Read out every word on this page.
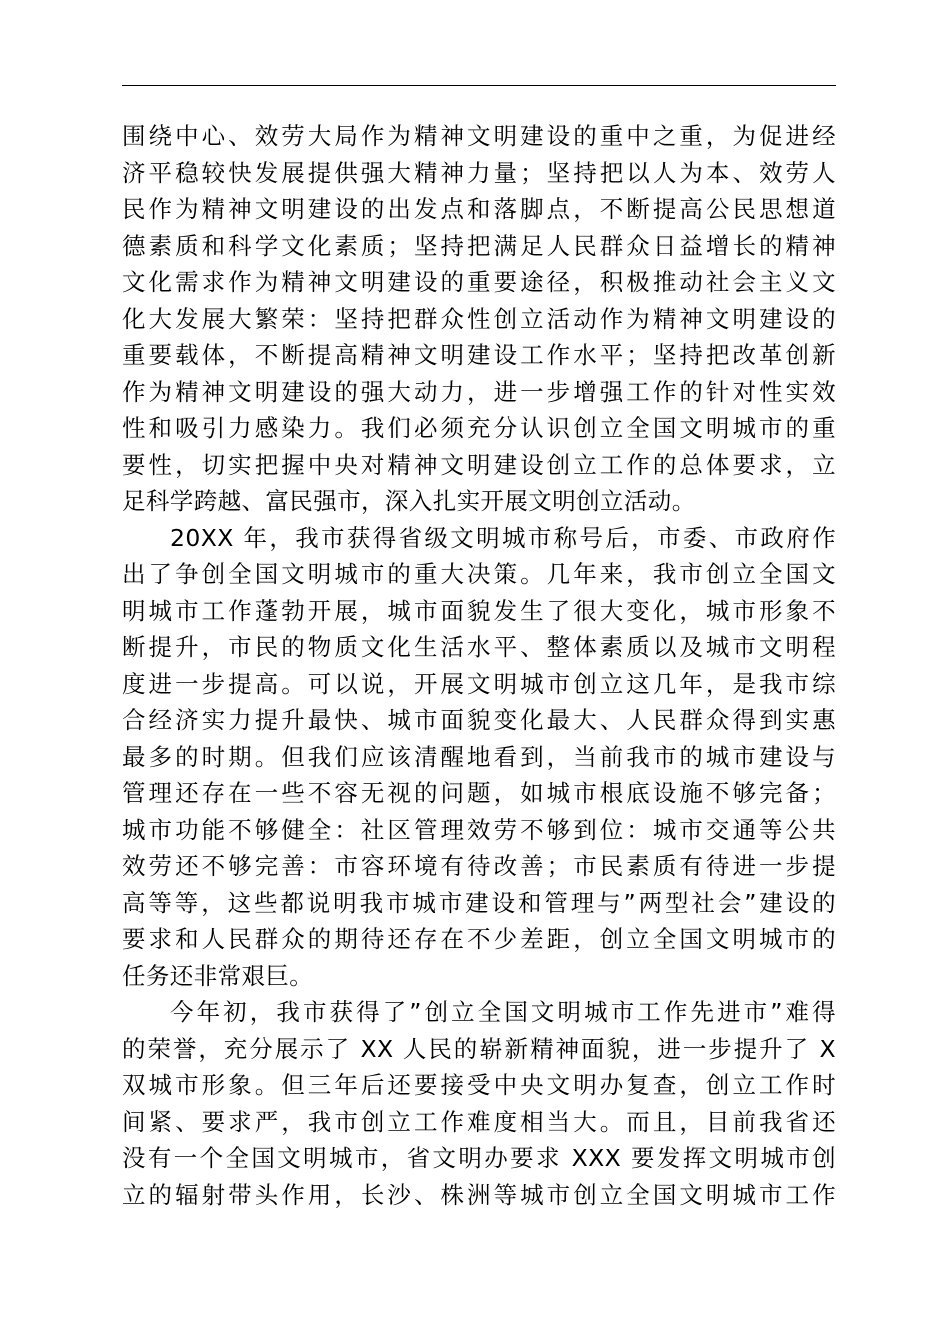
围绕中心、效劳大局作为精神文明建设的重中之重，为促进经
济平稳较快发展提供强大精神力量；坚持把以人为本、效劳人
民作为精神文明建设的出发点和落脚点，不断提高公民思想道
德素质和科学文化素质；坚持把满足人民群众日益增长的精神
文化需求作为精神文明建设的重要途径，积极推动社会主义文
化大发展大繁荣：坚持把群众性创立活动作为精神文明建设的
重要载体，不断提高精神文明建设工作水平；坚持把改革创新
作为精神文明建设的强大动力，进一步增强工作的针对性实效
性和吸引力感染力。我们必须充分认识创立全国文明城市的重
要性，切实把握中央对精神文明建设创立工作的总体要求，立
足科学跨越、富民强市，深入扎实开展文明创立活动。
20XX 年，我市获得省级文明城市称号后，市委、市政府作
出了争创全国文明城市的重大决策。几年来，我市创立全国文
明城市工作蓬勃开展，城市面貌发生了很大变化，城市形象不
断提升，市民的物质文化生活水平、整体素质以及城市文明程
度进一步提高。可以说，开展文明城市创立这几年，是我市综
合经济实力提升最快、城市面貌变化最大、人民群众得到实惠
最多的时期。但我们应该清醒地看到，当前我市的城市建设与
管理还存在一些不容无视的问题，如城市根底设施不够完备；
城市功能不够健全：社区管理效劳不够到位：城市交通等公共
效劳还不够完善：市容环境有待改善；市民素质有待进一步提
高等等，这些都说明我市城市建设和管理与”两型社会”建设的
要求和人民群众的期待还存在不少差距，创立全国文明城市的
任务还非常艰巨。
今年初，我市获得了”创立全国文明城市工作先进市”难得
的荣誉，充分展示了 XX 人民的崭新精神面貌，进一步提升了 X
双城市形象。但三年后还要接受中央文明办复查，创立工作时
间紧、要求严，我市创立工作难度相当大。而且，目前我省还
没有一个全国文明城市，省文明办要求 XXX 要发挥文明城市创
立的辐射带头作用，长沙、株洲等城市创立全国文明城市工作
